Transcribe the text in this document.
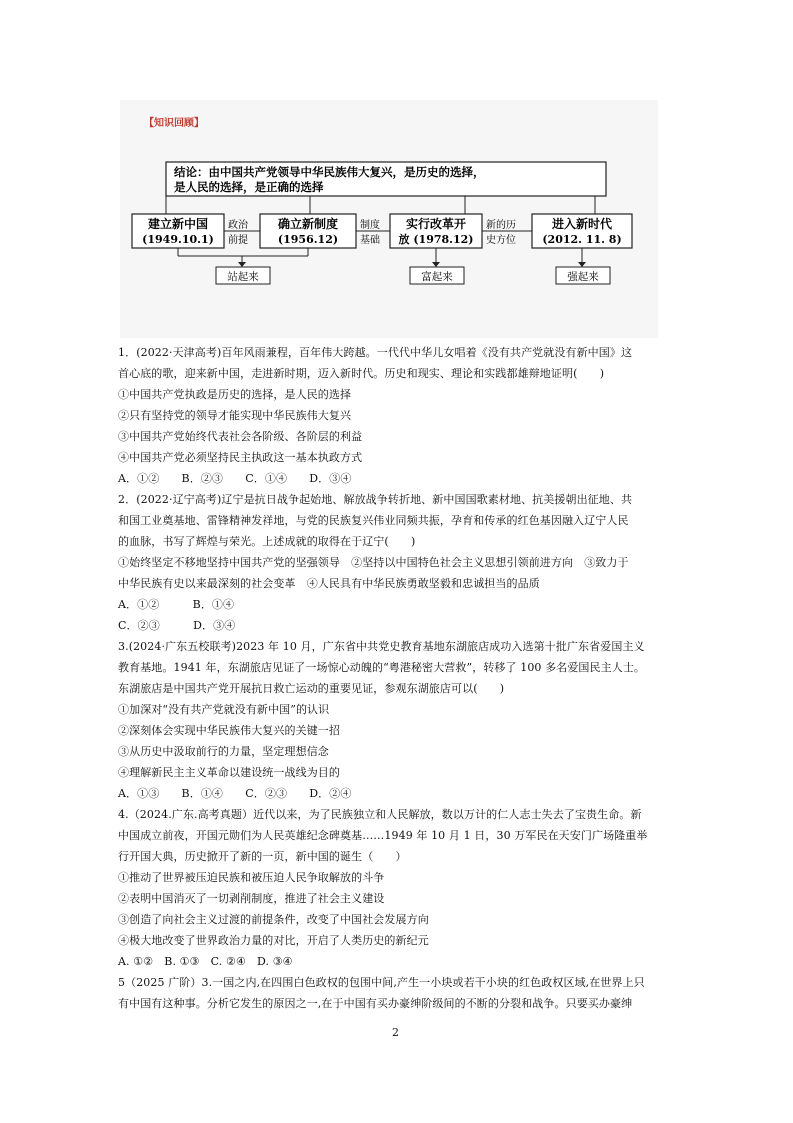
【知识回顾】
结论：由中国共产党领导中华民族伟大复兴，是历史的选择，
是人民的选择，是正确的选择
建立新中国
(1949.10.1)
确立新制度
(1956.12)
实行改革开
放 (1978.12)
进入新时代
(2012. 11. 8)
政治
前提
制度
基础
新的历
史方位
站起来	富起来	强起来
1．(2022·天津高考)百年风雨兼程，百年伟大跨越。一代代中华儿女唱着《没有共产党就没有新中国》这
首心底的歌，迎来新中国，走进新时期，迈入新时代。历史和现实、理论和实践都雄辩地证明(　　)
①中国共产党执政是历史的选择，是人民的选择
②只有坚持党的领导才能实现中华民族伟大复兴
③中国共产党始终代表社会各阶级、各阶层的利益
④中国共产党必须坚持民主执政这一基本执政方式
A．①②　　B．②③　　C．①④　　D．③④
2．(2022·辽宁高考)辽宁是抗日战争起始地、解放战争转折地、新中国国歌素材地、抗美援朝出征地、共
和国工业奠基地、雷锋精神发祥地，与党的民族复兴伟业同频共振，孕育和传承的红色基因融入辽宁人民
的血脉，书写了辉煌与荣光。上述成就的取得在于辽宁(　　)
①始终坚定不移地坚持中国共产党的坚强领导　②坚持以中国特色社会主义思想引领前进方向　③致力于
中华民族有史以来最深刻的社会变革　④人民具有中华民族勇敢坚毅和忠诚担当的品质
A．①②　　　B．①④
C．②③　　　D．③④
3.(2024·广东五校联考)2023 年 10 月，广东省中共党史教育基地东湖旅店成功入选第十批广东省爱国主义
教育基地。1941 年，东湖旅店见证了一场惊心动魄的“粤港秘密大营救”，转移了 100 多名爱国民主人士。
东湖旅店是中国共产党开展抗日救亡运动的重要见证，参观东湖旅店可以(　　)
①加深对“没有共产党就没有新中国”的认识
②深刻体会实现中华民族伟大复兴的关键一招
③从历史中汲取前行的力量，坚定理想信念
④理解新民主主义革命以建设统一战线为目的
A．①③　　B．①④　　C．②③　　D．②④
4.（2024.广东.高考真题）近代以来，为了民族独立和人民解放，数以万计的仁人志士失去了宝贵生命。新
中国成立前夜，开国元勋们为人民英雄纪念碑奠基……1949 年 10 月 1 日，30 万军民在天安门广场隆重举
行开国大典，历史掀开了新的一页，新中国的诞生（　　）
①推动了世界被压迫民族和被压迫人民争取解放的斗争
②表明中国消灭了一切剥削制度，推进了社会主义建设
③创造了向社会主义过渡的前提条件，改变了中国社会发展方向
④极大地改变了世界政治力量的对比，开启了人类历史的新纪元
A. ①②　B. ①③　C. ②④　D. ③④
5（2025 广阶）3.一国之内,在四围白色政权的包围中间,产生一小块或若干小块的红色政权区域,在世界上只
有中国有这种事。分析它发生的原因之一,在于中国有买办豪绅阶级间的不断的分裂和战争。只要买办豪绅
2
